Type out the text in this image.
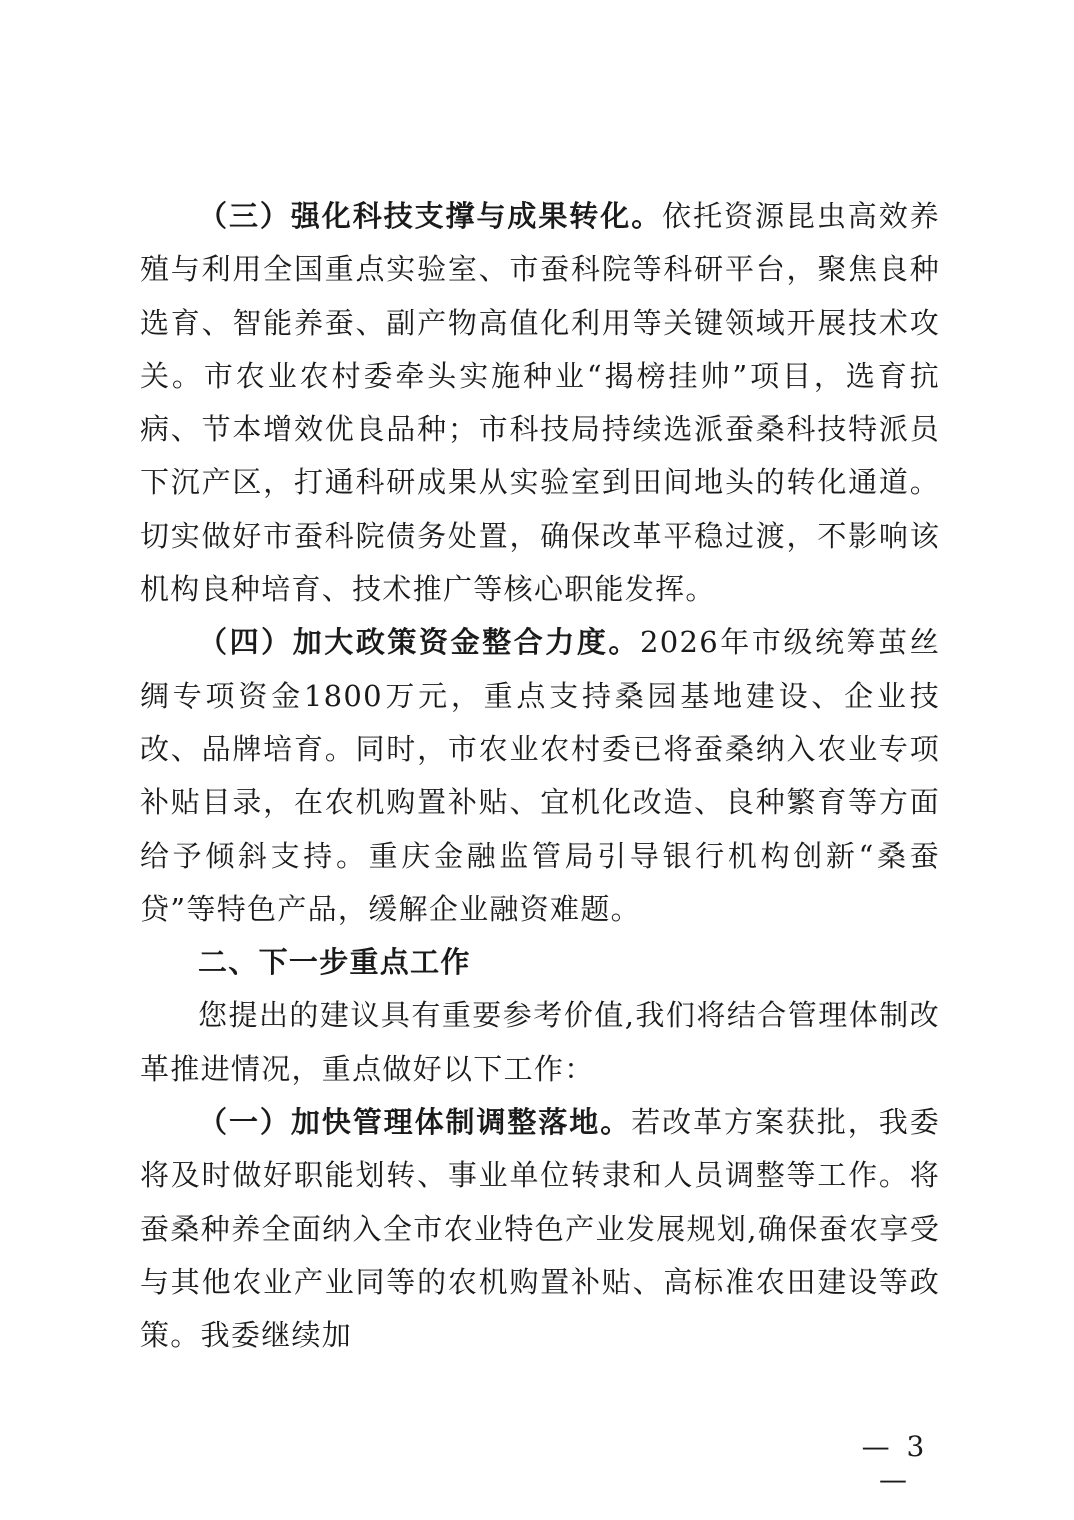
（三）强化科技支撑与成果转化。依托资源昆虫高效养殖与利用全国重点实验室、市蚕科院等科研平台，聚焦良种选育、智能养蚕、副产物高值化利用等关键领域开展技术攻关。市农业农村委牵头实施种业“揭榜挂帅”项目，选育抗病、节本增效优良品种；市科技局持续选派蚕桑科技特派员下沉产区，打通科研成果从实验室到田间地头的转化通道。切实做好市蚕科院债务处置，确保改革平稳过渡，不影响该机构良种培育、技术推广等核心职能发挥。

（四）加大政策资金整合力度。2026年市级统筹茧丝绸专项资金1800万元，重点支持桑园基地建设、企业技改、品牌培育。同时，市农业农村委已将蚕桑纳入农业专项补贴目录，在农机购置补贴、宜机化改造、良种繁育等方面给予倾斜支持。重庆金融监管局引导银行机构创新“桑蚕贷”等特色产品，缓解企业融资难题。

二、下一步重点工作

您提出的建议具有重要参考价值,我们将结合管理体制改革推进情况，重点做好以下工作：

（一）加快管理体制调整落地。若改革方案获批，我委将及时做好职能划转、事业单位转隶和人员调整等工作。将蚕桑种养全面纳入全市农业特色产业发展规划,确保蚕农享受与其他农业产业同等的农机购置补贴、高标准农田建设等政策。我委继续加

— 3 —
